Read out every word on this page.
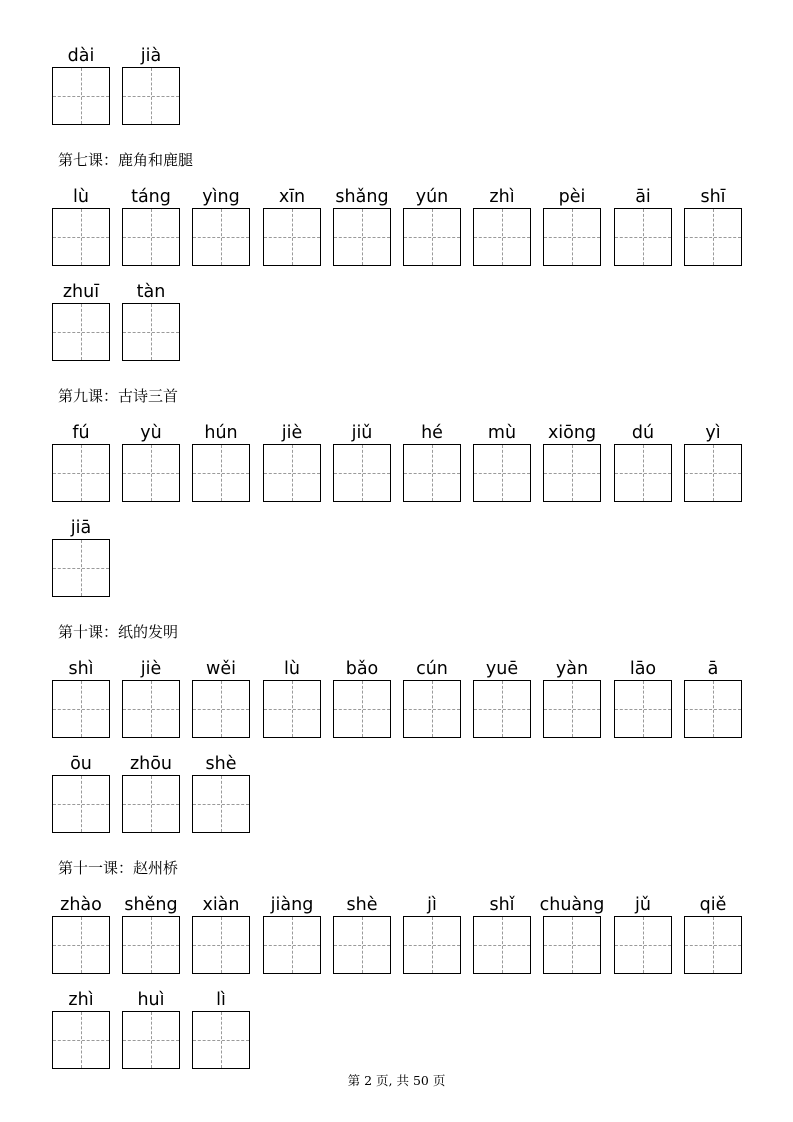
第七课：鹿角和鹿腿
第九课：古诗三首
第十课：纸的发明
第十一课：赵州桥
dài	jià
lù	táng	yìng	xīn	shǎng	yún	zhì	pèi	āi	shī
zhuī	tàn
fú	yù	hún	jiè	jiǔ	hé	mù	xiōng	dú	yì
jiā
shì	jiè	wěi	lù	bǎo	cún	yuē	yàn	lāo	ā
ōu	zhōu	shè
zhào	shěng	xiàn	jiàng	shè	jì	shǐ	chuàng	jǔ	qiě
zhì	huì	lì
第 2 页, 共 50 页
